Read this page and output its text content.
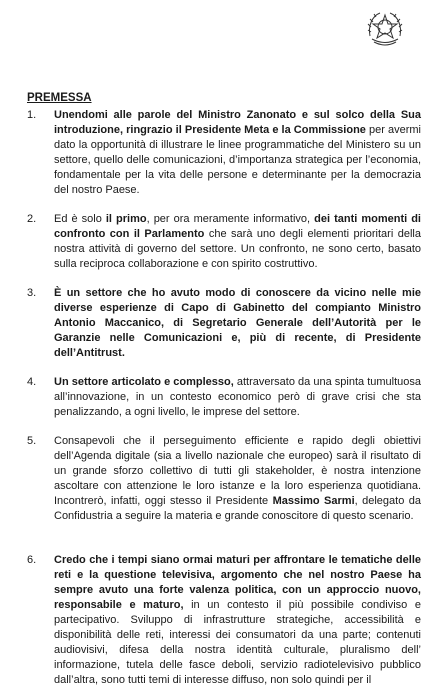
PREMESSA
1.	Unendomi alle parole del Ministro Zanonato e sul solco della Sua introduzione, ringrazio il Presidente Meta e la Commissione per avermi dato la opportunità di illustrare le linee programmatiche del Ministero su un settore, quello delle comunicazioni, d’importanza strategica per l’economia, fondamentale per la vita delle persone e determinante per la democrazia del nostro Paese.

2.	Ed è solo il primo, per ora meramente informativo, dei tanti momenti di confronto con il Parlamento che sarà uno degli elementi prioritari della nostra attività di governo del settore. Un confronto, ne sono certo, basato sulla reciproca collaborazione e con spirito costruttivo.

3.	È un settore che ho avuto modo di conoscere da vicino nelle mie diverse esperienze di Capo di Gabinetto del compianto Ministro Antonio Maccanico, di Segretario Generale dell’Autorità per le Garanzie nelle Comunicazioni e, più di recente, di Presidente dell’Antitrust.

4.	Un settore articolato e complesso, attraversato da una spinta tumultuosa all’innovazione, in un contesto economico però di grave crisi che sta penalizzando, a ogni livello, le imprese del settore.

5.	Consapevoli che il perseguimento efficiente e rapido degli obiettivi dell’Agenda digitale (sia a livello nazionale che europeo) sarà il risultato di un grande sforzo collettivo di tutti gli stakeholder, è nostra intenzione ascoltare con attenzione le loro istanze e la loro esperienza quotidiana. Incontrerò, infatti, oggi stesso il Presidente Massimo Sarmi, delegato da Confidustria a seguire la materia e grande conoscitore di questo scenario.

6.	Credo che i tempi siano ormai maturi per affrontare le tematiche delle reti e la questione televisiva, argomento che nel nostro Paese ha sempre avuto una forte valenza politica, con un approccio nuovo, responsabile e maturo, in un contesto il più possibile condiviso e partecipativo. Sviluppo di infrastrutture strategiche, accessibilità e disponibilità delle reti, interessi dei consumatori da una parte; contenuti audiovisivi, difesa della nostra identità culturale, pluralismo dell’ informazione, tutela delle fasce deboli, servizio radiotelevisivo pubblico dall’altra, sono tutti temi di interesse diffuso, non solo quindi per il
